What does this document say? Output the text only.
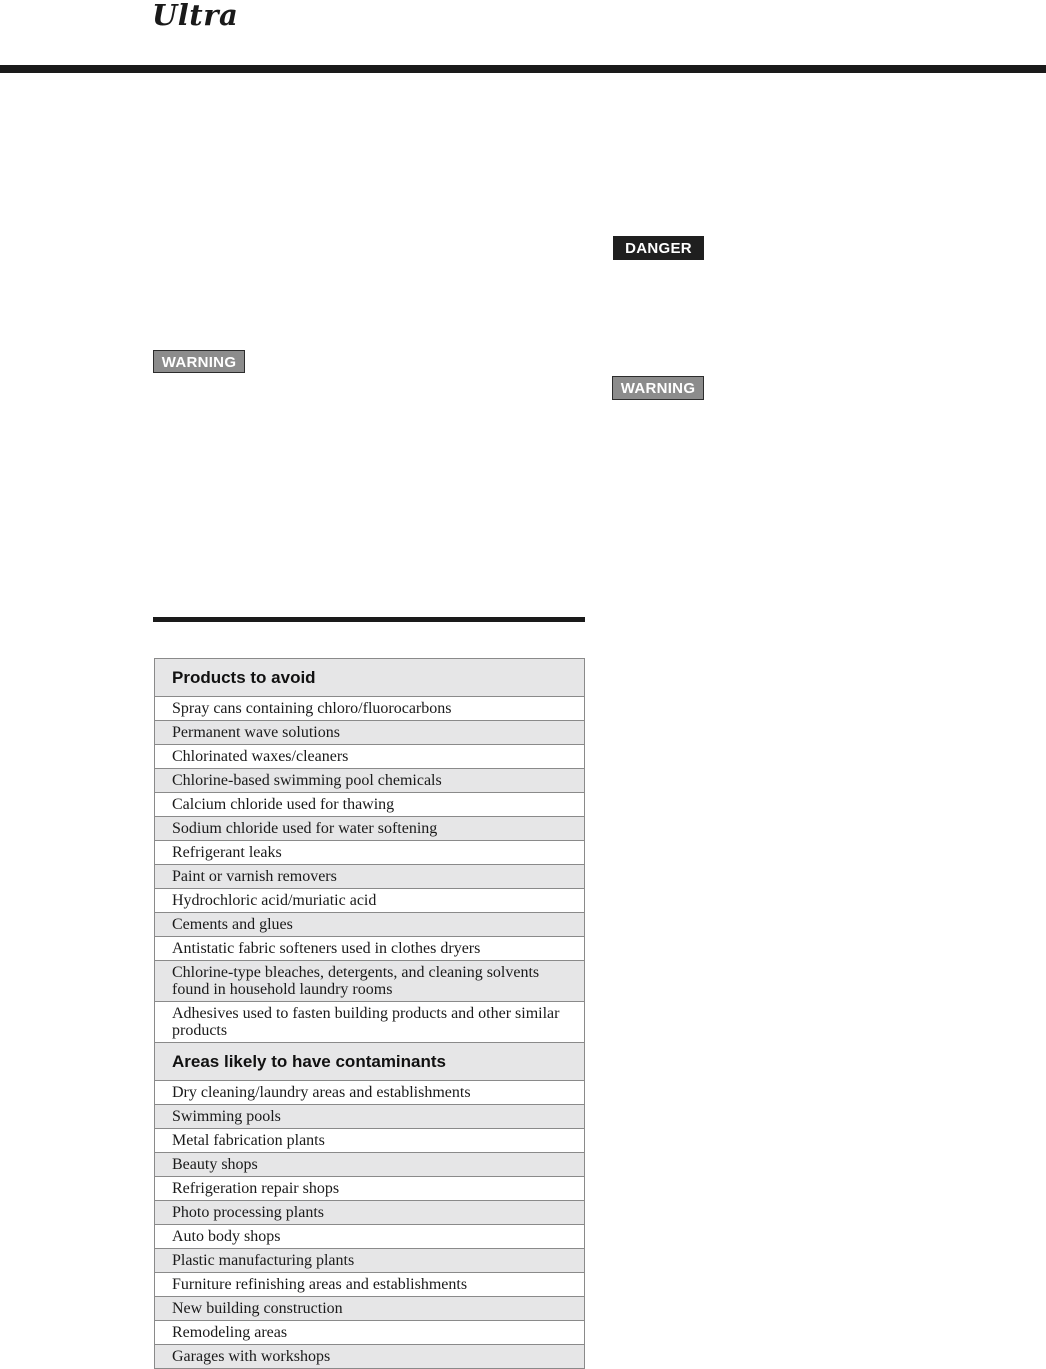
Ultra
WARNING
DANGER
WARNING
Products to avoid
Spray cans containing chloro/fluorocarbons
Permanent wave solutions
Chlorinated waxes/cleaners
Chlorine-based swimming pool chemicals
Calcium chloride used for thawing
Sodium chloride used for water softening
Refrigerant leaks
Paint or varnish removers
Hydrochloric acid/muriatic acid
Cements and glues
Antistatic fabric softeners used in clothes dryers
Chlorine-type bleaches, detergents, and cleaning solvents found in household laundry rooms
Adhesives used to fasten building products and other similar products
Areas likely to have contaminants
Dry cleaning/laundry areas and establishments
Swimming pools
Metal fabrication plants
Beauty shops
Refrigeration repair shops
Photo processing plants
Auto body shops
Plastic manufacturing plants
Furniture refinishing areas and establishments
New building construction
Remodeling areas
Garages with workshops
